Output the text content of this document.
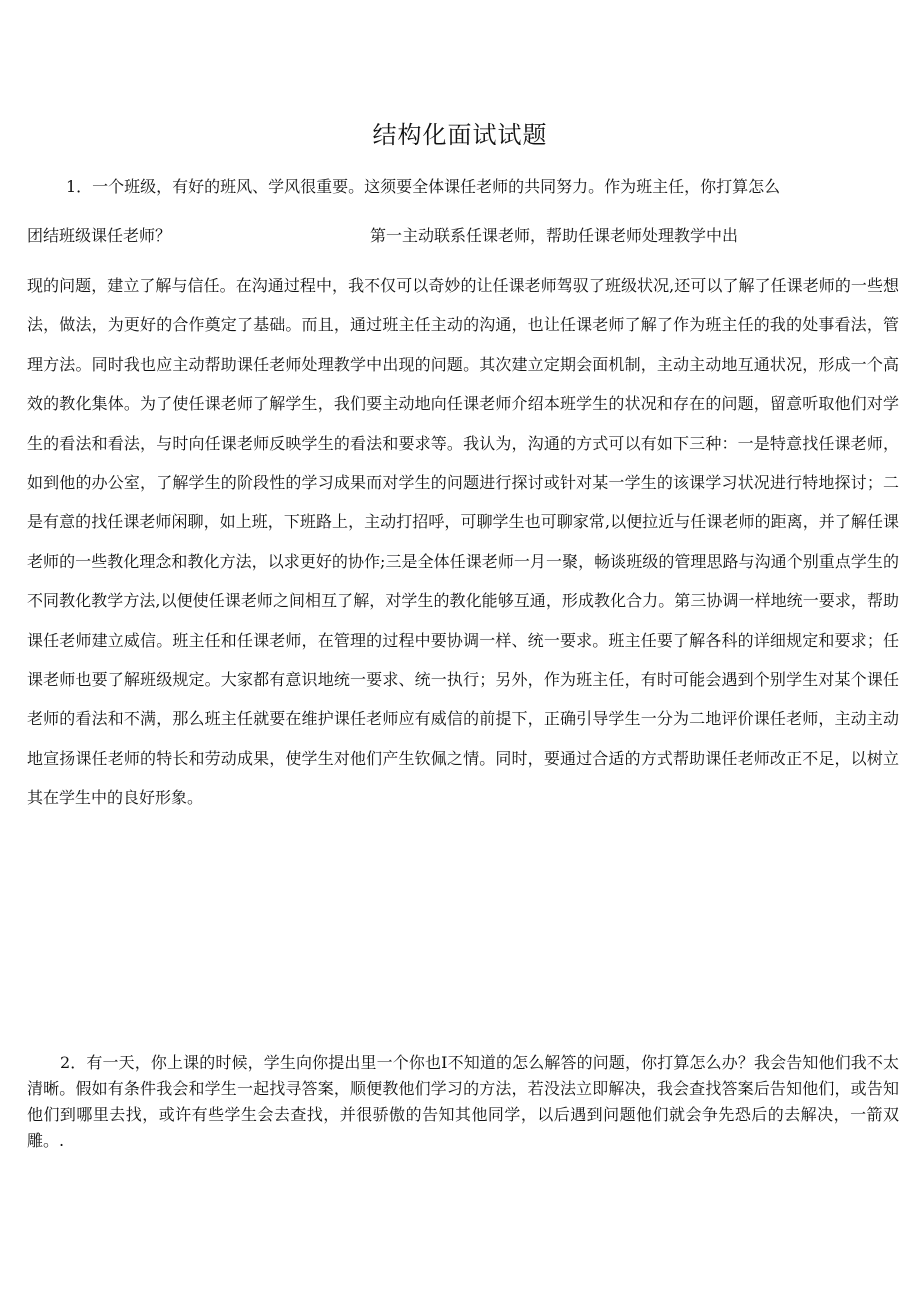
结构化面试试题
1．一个班级，有好的班风、学风很重要。这须要全体课任老师的共同努力。作为班主任，你打算怎么
团结班级课任老师？	第一主动联系任课老师，帮助任课老师处理教学中出
现的问题，建立了解与信任。在沟通过程中，我不仅可以奇妙的让任课老师驾驭了班级状况,还可以了解了任课老师的一些想法，做法，为更好的合作奠定了基础。而且，通过班主任主动的沟通，也让任课老师了解了作为班主任的我的处事看法，管理方法。同时我也应主动帮助课任老师处理教学中出现的问题。其次建立定期会面机制，主动主动地互通状况，形成一个高效的教化集体。为了使任课老师了解学生，我们要主动地向任课老师介绍本班学生的状况和存在的问题，留意听取他们对学生的看法和看法，与时向任课老师反映学生的看法和要求等。我认为，沟通的方式可以有如下三种：一是特意找任课老师，如到他的办公室，了解学生的阶段性的学习成果而对学生的问题进行探讨或针对某一学生的该课学习状况进行特地探讨；二是有意的找任课老师闲聊，如上班，下班路上，主动打招呼，可聊学生也可聊家常,以便拉近与任课老师的距离，并了解任课老师的一些教化理念和教化方法，以求更好的协作;三是全体任课老师一月一聚，畅谈班级的管理思路与沟通个别重点学生的不同教化教学方法,以便使任课老师之间相互了解，对学生的教化能够互通，形成教化合力。第三协调一样地统一要求，帮助课任老师建立威信。班主任和任课老师，在管理的过程中要协调一样、统一要求。班主任要了解各科的详细规定和要求；任课老师也要了解班级规定。大家都有意识地统一要求、统一执行；另外，作为班主任，有时可能会遇到个别学生对某个课任老师的看法和不满，那么班主任就要在维护课任老师应有威信的前提下，正确引导学生一分为二地评价课任老师，主动主动地宣扬课任老师的特长和劳动成果，使学生对他们产生钦佩之情。同时，要通过合适的方式帮助课任老师改正不足，以树立其在学生中的良好形象。
2．有一天，你上课的时候，学生向你提出里一个你也I不知道的怎么解答的问题，你打算怎么办？我会告知他们我不太清晰。假如有条件我会和学生一起找寻答案，顺便教他们学习的方法，若没法立即解决，我会查找答案后告知他们，或告知他们到哪里去找，或许有些学生会去查找，并很骄傲的告知其他同学，以后遇到问题他们就会争先恐后的去解决，一箭双雕。.
